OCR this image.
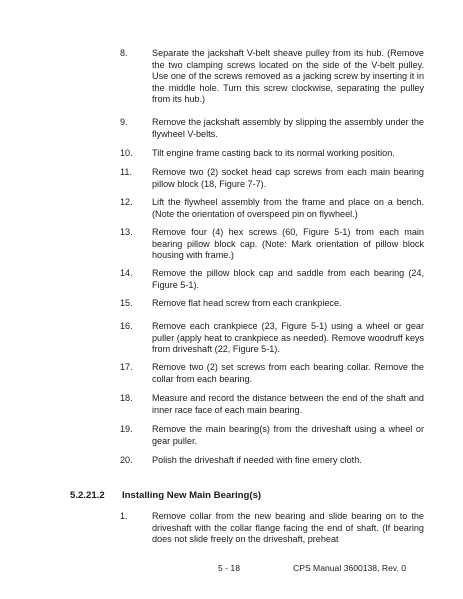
8.	Separate the jackshaft V-belt sheave pulley from its hub. (Remove the two clamping screws located on the side of the V-belt pulley. Use one of the screws removed as a jacking screw by inserting it in the middle hole. Turn this screw clockwise, separating the pulley from its hub.)
9.	Remove the jackshaft assembly by slipping the assembly under the flywheel V-belts.
10. Tilt engine frame casting back to its normal working position.
11. Remove two (2) socket head cap screws from each main bearing pillow block (18, Figure 7-7).
12. Lift the flywheel assembly from the frame and place on a bench. (Note the orientation of overspeed pin on flywheel.)
13. Remove four (4) hex screws (60, Figure 5-1) from each main bearing pillow block cap. (Note: Mark orientation of pillow block housing with frame.)
14. Remove the pillow block cap and saddle from each bearing (24, Figure 5-1).
15. Remove flat head screw from each crankpiece.
16. Remove each crankpiece (23, Figure 5-1) using a wheel or gear puller (apply heat to crankpiece as needed). Remove woodruff keys from driveshaft (22, Figure 5-1).
17. Remove two (2) set screws from each bearing collar. Remove the collar from each bearing.
18. Measure and record the distance between the end of the shaft and inner race face of each main bearing.
19. Remove the main bearing(s) from the driveshaft using a wheel or gear puller.
20. Polish the driveshaft if needed with fine emery cloth.
5.2.21.2 Installing New Main Bearing(s)
1.	Remove collar from the new bearing and slide bearing on to the driveshaft with the collar flange facing the end of shaft. (If bearing does not slide freely on the driveshaft, preheat
5 - 18	CPS Manual 3600138, Rev. 0
